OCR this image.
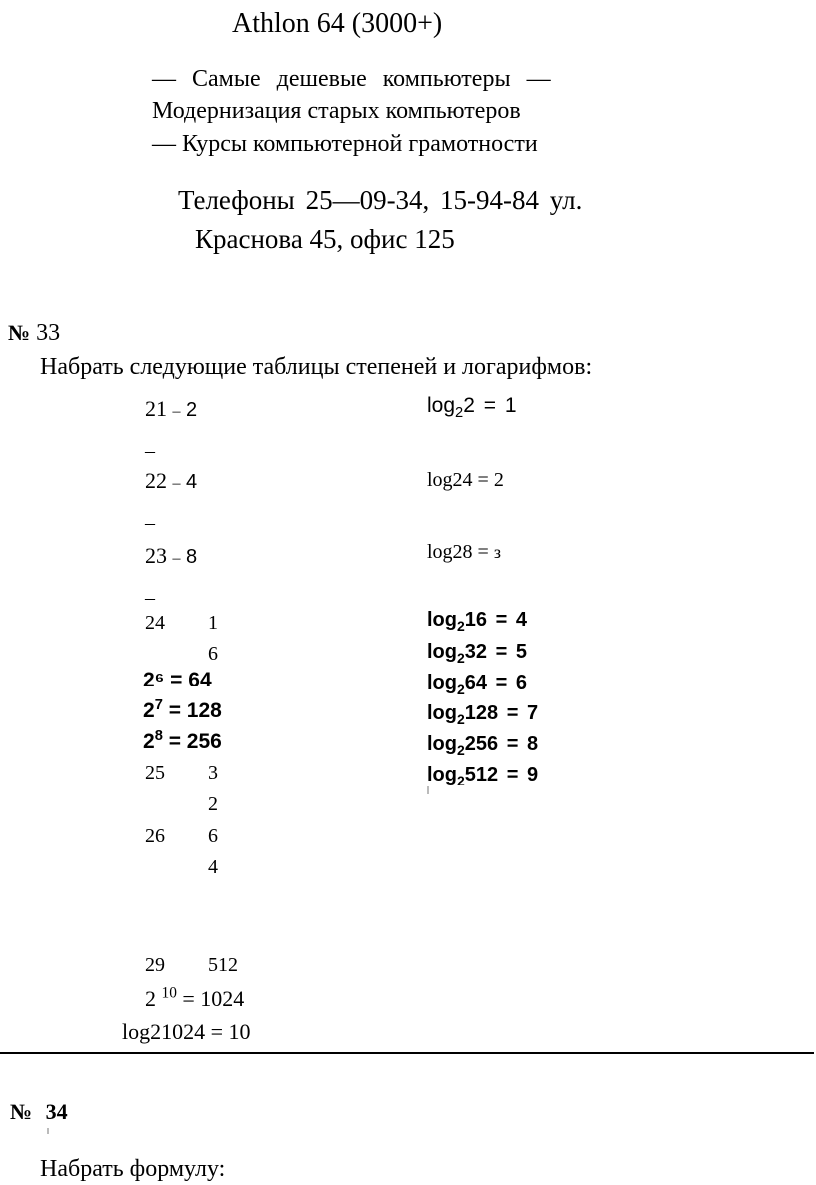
Athlon 64 (3000+)
— Самые дешевые компьютеры —
Модернизация старых компьютеров
— Курсы компьютерной грамотности
Телефоны 25—09-34, 15-94-84 ул.
Краснова 45, офис 125
№ 33
Набрать следующие таблицы степеней и логарифмов:
21 – 2
–
22 – 4
–
23 – 8
–
24 1
6
2⁶ = 64
$2^7 = 128$
$2^8 = 256$
25 3
2
26 6
4
29 512
2 $^{10}$ = 1024
log21024 = 10
$\log_22 = 1$
log24 = 2
log28 = з
$\log_216 = 4$
$\log_232 = 5$
$\log_264 = 6$
$\log_2128 = 7$
$\log_2256 = 8$
$\log_2512 = 9$
№ 34
Набрать формулу:
